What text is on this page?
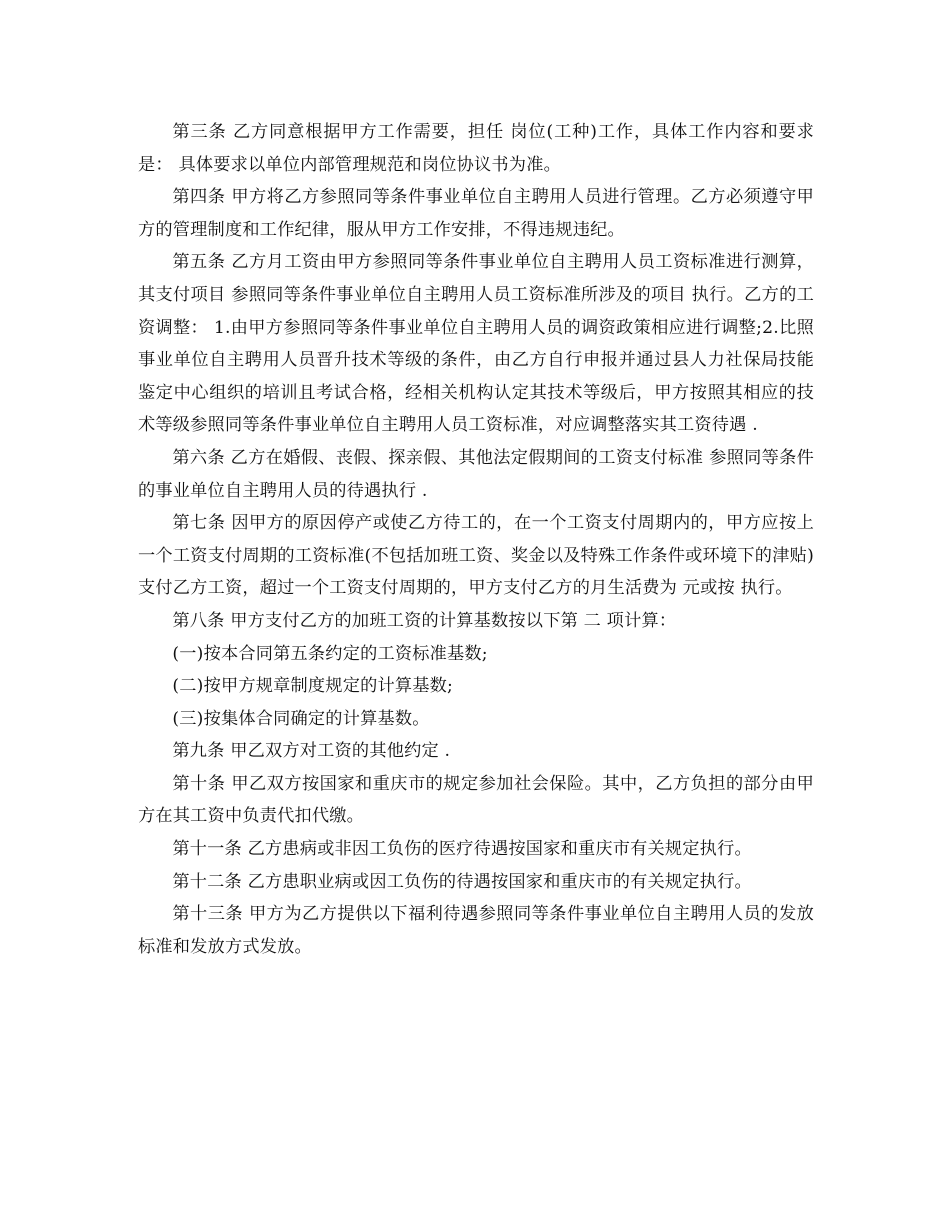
第三条 乙方同意根据甲方工作需要，担任 岗位(工种)工作，具体工作内容和要求是： 具体要求以单位内部管理规范和岗位协议书为准。

第四条 甲方将乙方参照同等条件事业单位自主聘用人员进行管理。乙方必须遵守甲方的管理制度和工作纪律，服从甲方工作安排，不得违规违纪。

第五条 乙方月工资由甲方参照同等条件事业单位自主聘用人员工资标准进行测算，其支付项目 参照同等条件事业单位自主聘用人员工资标准所涉及的项目 执行。乙方的工资调整： 1.由甲方参照同等条件事业单位自主聘用人员的调资政策相应进行调整;2.比照事业单位自主聘用人员晋升技术等级的条件，由乙方自行申报并通过县人力社保局技能鉴定中心组织的培训且考试合格，经相关机构认定其技术等级后，甲方按照其相应的技术等级参照同等条件事业单位自主聘用人员工资标准，对应调整落实其工资待遇 .

第六条 乙方在婚假、丧假、探亲假、其他法定假期间的工资支付标准 参照同等条件的事业单位自主聘用人员的待遇执行 .

第七条 因甲方的原因停产或使乙方待工的，在一个工资支付周期内的，甲方应按上一个工资支付周期的工资标准(不包括加班工资、奖金以及特殊工作条件或环境下的津贴)支付乙方工资，超过一个工资支付周期的，甲方支付乙方的月生活费为 元或按 执行。

第八条 甲方支付乙方的加班工资的计算基数按以下第 二 项计算：

(一)按本合同第五条约定的工资标准基数;

(二)按甲方规章制度规定的计算基数;

(三)按集体合同确定的计算基数。

第九条 甲乙双方对工资的其他约定 .

第十条 甲乙双方按国家和重庆市的规定参加社会保险。其中，乙方负担的部分由甲方在其工资中负责代扣代缴。

第十一条 乙方患病或非因工负伤的医疗待遇按国家和重庆市有关规定执行。

第十二条 乙方患职业病或因工负伤的待遇按国家和重庆市的有关规定执行。

第十三条 甲方为乙方提供以下福利待遇参照同等条件事业单位自主聘用人员的发放标准和发放方式发放。
